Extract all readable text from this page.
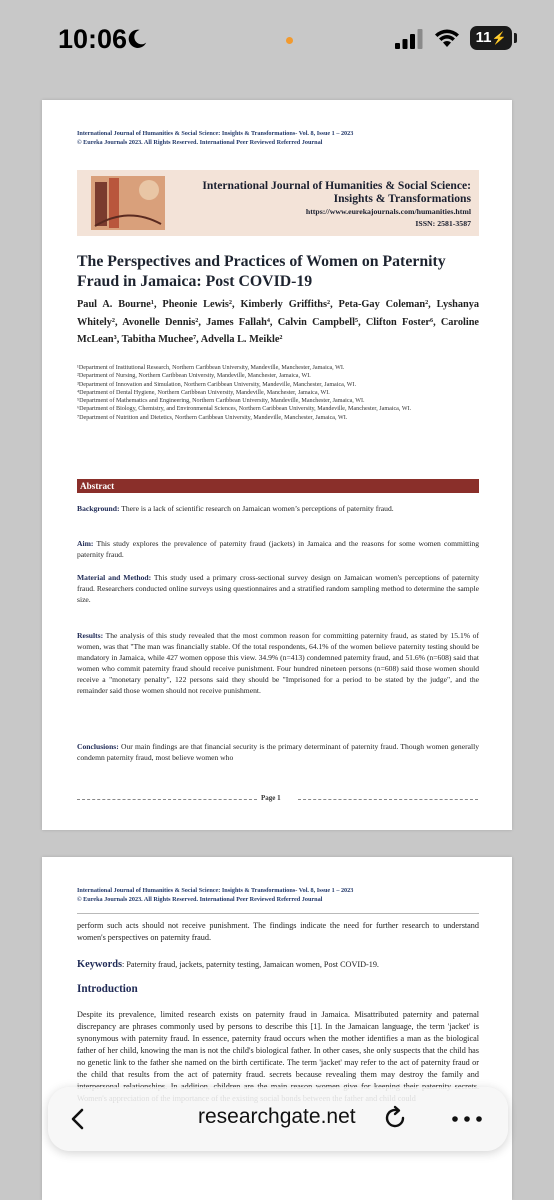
10:06	11⚡
International Journal of Humanities & Social Science: Insights & Transformations- Vol. 8, Issue 1 – 2023
© Eureka Journals 2023. All Rights Reserved. International Peer Reviewed Referred Journal
International Journal of Humanities & Social Science: Insights & Transformations
https://www.eurekajournals.com/humanities.html
ISSN: 2581-3587
The Perspectives and Practices of Women on Paternity Fraud in Jamaica: Post COVID-19
Paul A. Bourne¹, Pheonie Lewis², Kimberly Griffiths², Peta-Gay Coleman², Lyshanya Whitely², Avonelle Dennis², James Fallah⁴, Calvin Campbell⁵, Clifton Foster⁶, Caroline McLean³, Tabitha Muchee⁷, Advella L. Meikle²
¹Department of Institutional Research, Northern Caribbean University, Mandeville, Manchester, Jamaica, WI.
²Department of Nursing, Northern Caribbean University, Mandeville, Manchester, Jamaica, WI.
³Department of Innovation and Simulation, Northern Caribbean University, Mandeville, Manchester, Jamaica, WI.
⁴Department of Dental Hygiene, Northern Caribbean University, Mandeville, Manchester, Jamaica, WI.
⁵Department of Mathematics and Engineering, Northern Caribbean University, Mandeville, Manchester, Jamaica, WI.
⁶Department of Biology, Chemistry, and Environmental Sciences, Northern Caribbean University, Mandeville, Manchester, Jamaica, WI.
⁷Department of Nutrition and Dietetics, Northern Caribbean University, Mandeville, Manchester, Jamaica, WI.
Abstract

Background: There is a lack of scientific research on Jamaican women’s perceptions of paternity fraud.

Aim: This study explores the prevalence of paternity fraud (jackets) in Jamaica and the reasons for some women committing paternity fraud.

Material and Method: This study used a primary cross-sectional survey design on Jamaican women's perceptions of paternity fraud. Researchers conducted online surveys using questionnaires and a stratified random sampling method to determine the sample size.

Results: The analysis of this study revealed that the most common reason for committing paternity fraud, as stated by 15.1% of women, was that "The man was financially stable. Of the total respondents, 64.1% of the women believe paternity testing should be mandatory in Jamaica, while 427 women oppose this view. 34.9% (n=413) condemned paternity fraud, and 51.6% (n=608) said that women who commit paternity fraud should receive punishment. Four hundred nineteen persons (n=608) said those women should receive a "monetary penalty", 122 persons said they should be "Imprisoned for a period to be stated by the judge", and the remainder said those women should not receive punishment.

Conclusions: Our main findings are that financial security is the primary determinant of paternity fraud. Though women generally condemn paternity fraud, most believe women who

Page 1
International Journal of Humanities & Social Science: Insights & Transformations- Vol. 8, Issue 1 – 2023
© Eureka Journals 2023. All Rights Reserved. International Peer Reviewed Referred Journal

perform such acts should not receive punishment. The findings indicate the need for further research to understand women's perspectives on paternity fraud.

Keywords: Paternity fraud, jackets, paternity testing, Jamaican women, Post COVID-19.

Introduction

Despite its prevalence, limited research exists on paternity fraud in Jamaica. Misattributed paternity and paternal discrepancy are phrases commonly used by persons to describe this [1]. In the Jamaican language, the term 'jacket' is synonymous with paternity fraud. In essence, paternity fraud occurs when the mother identifies a man as the biological father of her child, knowing the man is not the child's biological father. In other cases, she only suspects that the child has no genetic link to the father she named on the birth certificate. The term 'jacket' may refer to the act of paternity fraud or the child that results from the act of paternity fraud. secrets because revealing them may destroy the family and

researchgate.net
